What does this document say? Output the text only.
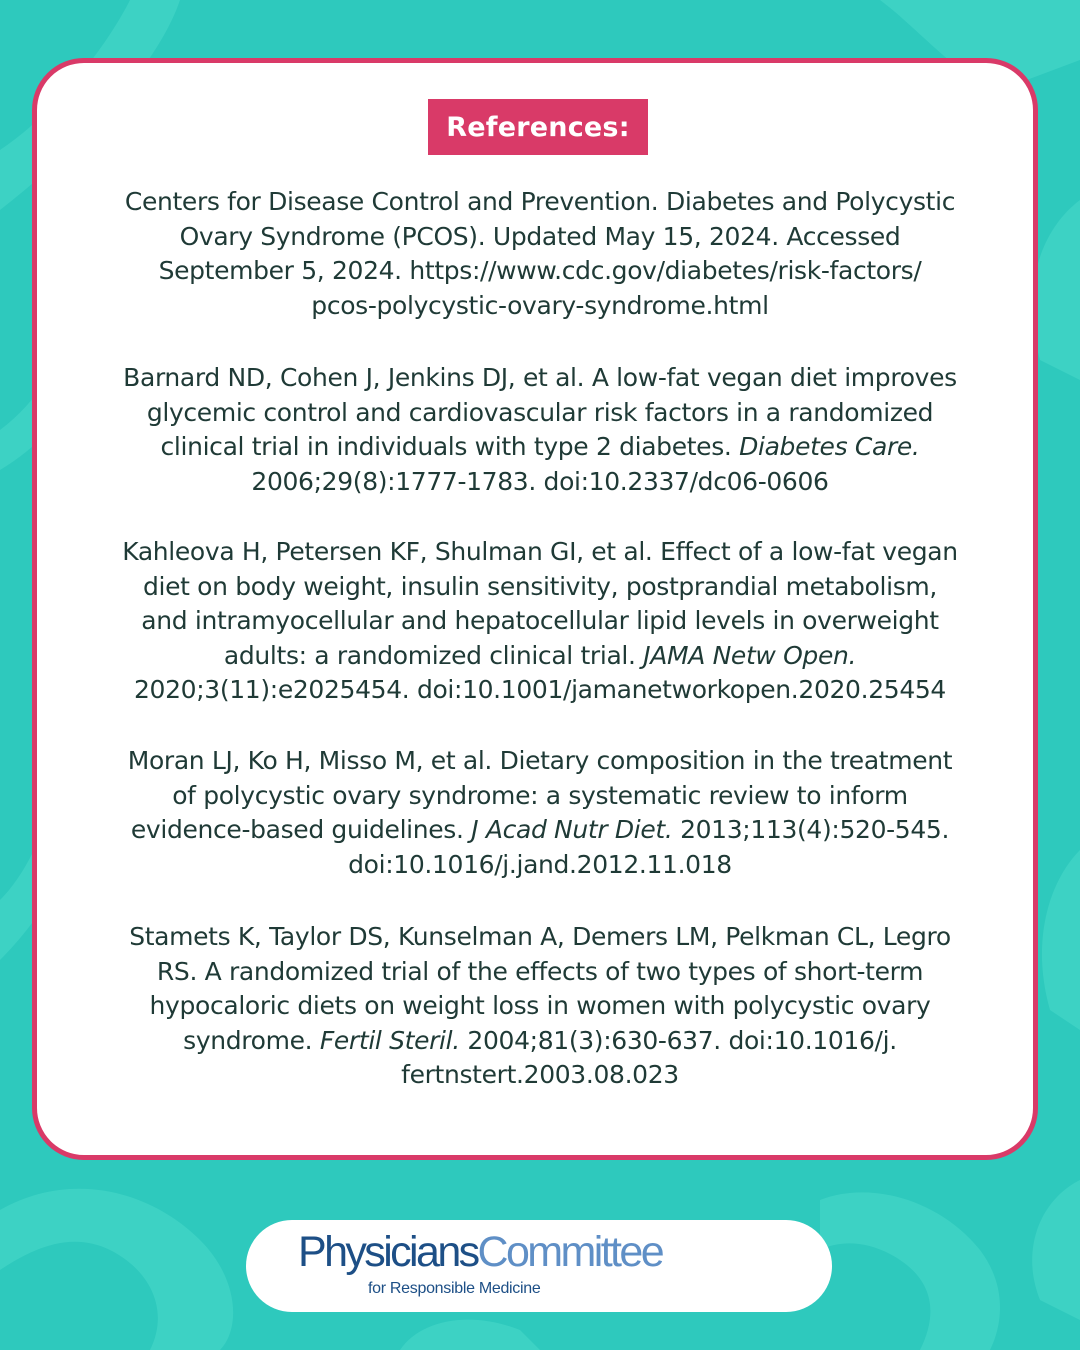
References:

Centers for Disease Control and Prevention. Diabetes and Polycystic
Ovary Syndrome (PCOS). Updated May 15, 2024. Accessed
September 5, 2024. https://www.cdc.gov/diabetes/risk-factors/
pcos-polycystic-ovary-syndrome.html

Barnard ND, Cohen J, Jenkins DJ, et al. A low-fat vegan diet improves
glycemic control and cardiovascular risk factors in a randomized
clinical trial in individuals with type 2 diabetes. Diabetes Care.
2006;29(8):1777-1783. doi:10.2337/dc06-0606

Kahleova H, Petersen KF, Shulman GI, et al. Effect of a low-fat vegan
diet on body weight, insulin sensitivity, postprandial metabolism,
and intramyocellular and hepatocellular lipid levels in overweight
adults: a randomized clinical trial. JAMA Netw Open.
2020;3(11):e2025454. doi:10.1001/jamanetworkopen.2020.25454

Moran LJ, Ko H, Misso M, et al. Dietary composition in the treatment
of polycystic ovary syndrome: a systematic review to inform
evidence-based guidelines. J Acad Nutr Diet. 2013;113(4):520-545.
doi:10.1016/j.jand.2012.11.018

Stamets K, Taylor DS, Kunselman A, Demers LM, Pelkman CL, Legro
RS. A randomized trial of the effects of two types of short-term
hypocaloric diets on weight loss in women with polycystic ovary
syndrome. Fertil Steril. 2004;81(3):630-637. doi:10.1016/j.
fertnstert.2003.08.023

PhysiciansCommittee
for Responsible Medicine
